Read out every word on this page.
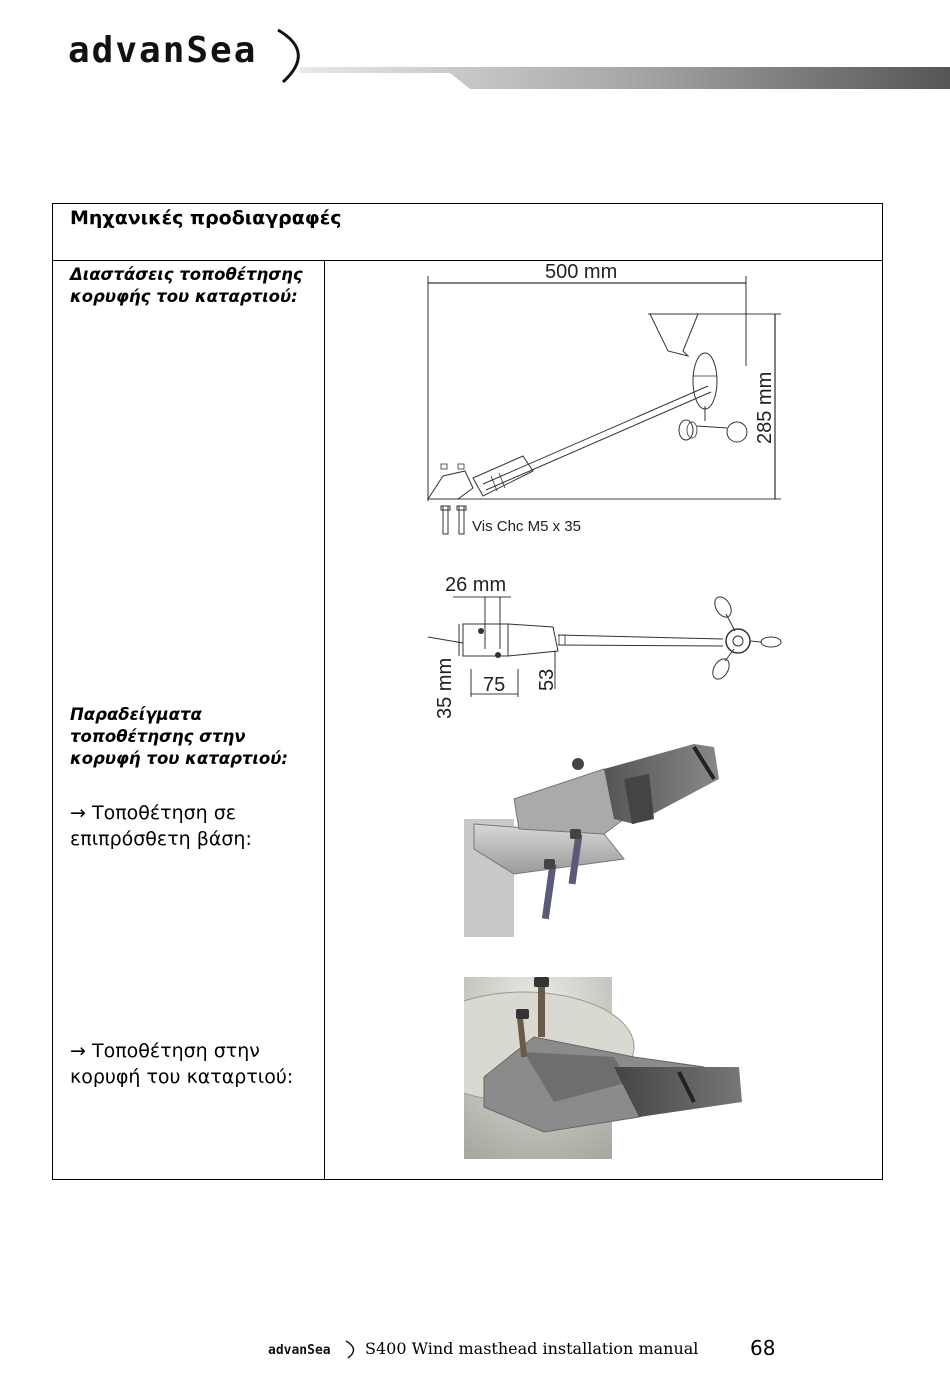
advanSea
Μηχανικές προδιαγραφές
Διαστάσεις τοποθέτησης
κορυφής του καταρτιού:
Παραδείγματα
τοποθέτησης στην
κορυφή του καταρτιού:
→ Τοποθέτηση σε
επιπρόσθετη βάση:
→ Τοποθέτηση στην
κορυφή του καταρτιού:
500 mm
285 mm
Vis Chc M5 x 35
26 mm
35 mm 75 53
advanSea S400 Wind masthead installation manual	68
